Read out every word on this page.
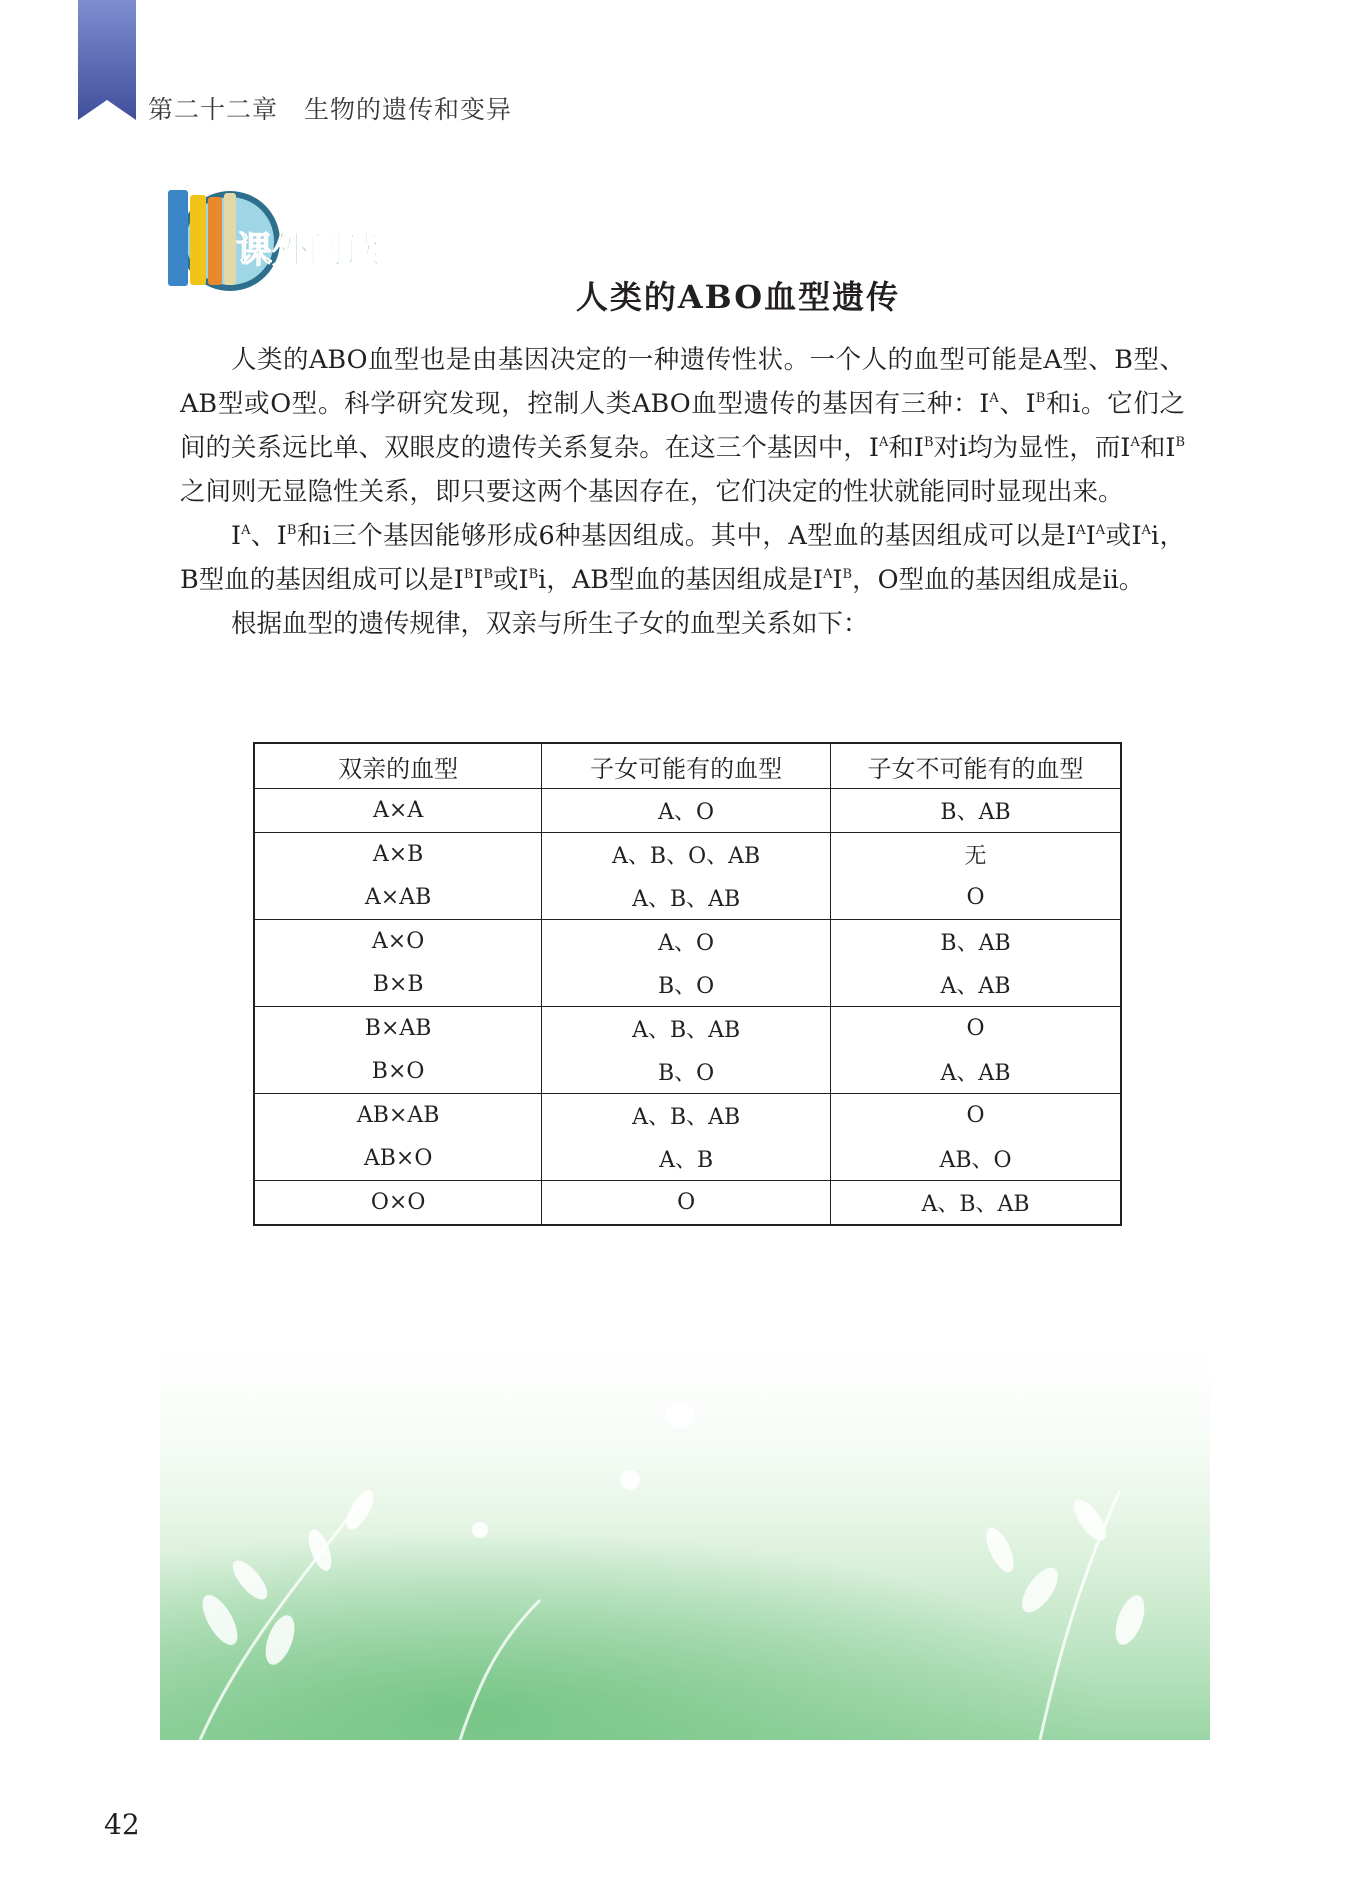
第二十二章 生物的遗传和变异
课外阅读
人类的ABO血型遗传

人类的ABO血型也是由基因决定的一种遗传性状。一个人的血型可能是A型、B型、AB型或O型。科学研究发现，控制人类ABO血型遗传的基因有三种：$I^A$、$I^B$和i。它们之间的关系远比单、双眼皮的遗传关系复杂。在这三个基因中，$I^A$和$I^B$对i均为显性，而$I^A$和$I^B$之间则无显隐性关系，即只要这两个基因存在，它们决定的性状就能同时显现出来。

$I^A$、$I^B$和i三个基因能够形成6种基因组成。其中，A型血的基因组成可以是$I^AI^A$或$I^Ai$，B型血的基因组成可以是$I^BI^B$或$I^Bi$，AB型血的基因组成是$I^AI^B$，O型血的基因组成是ii。

根据血型的遗传规律，双亲与所生子女的血型关系如下：

双亲的血型	子女可能有的血型	子女不可能有的血型
A×A	A、O	B、AB
A×B	A、B、O、AB	无
A×AB	A、B、AB	O
A×O	A、O	B、AB
B×B	B、O	A、AB
B×AB	A、B、AB	O
B×O	B、O	A、AB
AB×AB	A、B、AB	O
AB×O	A、B	AB、O
O×O	O	A、B、AB
42
